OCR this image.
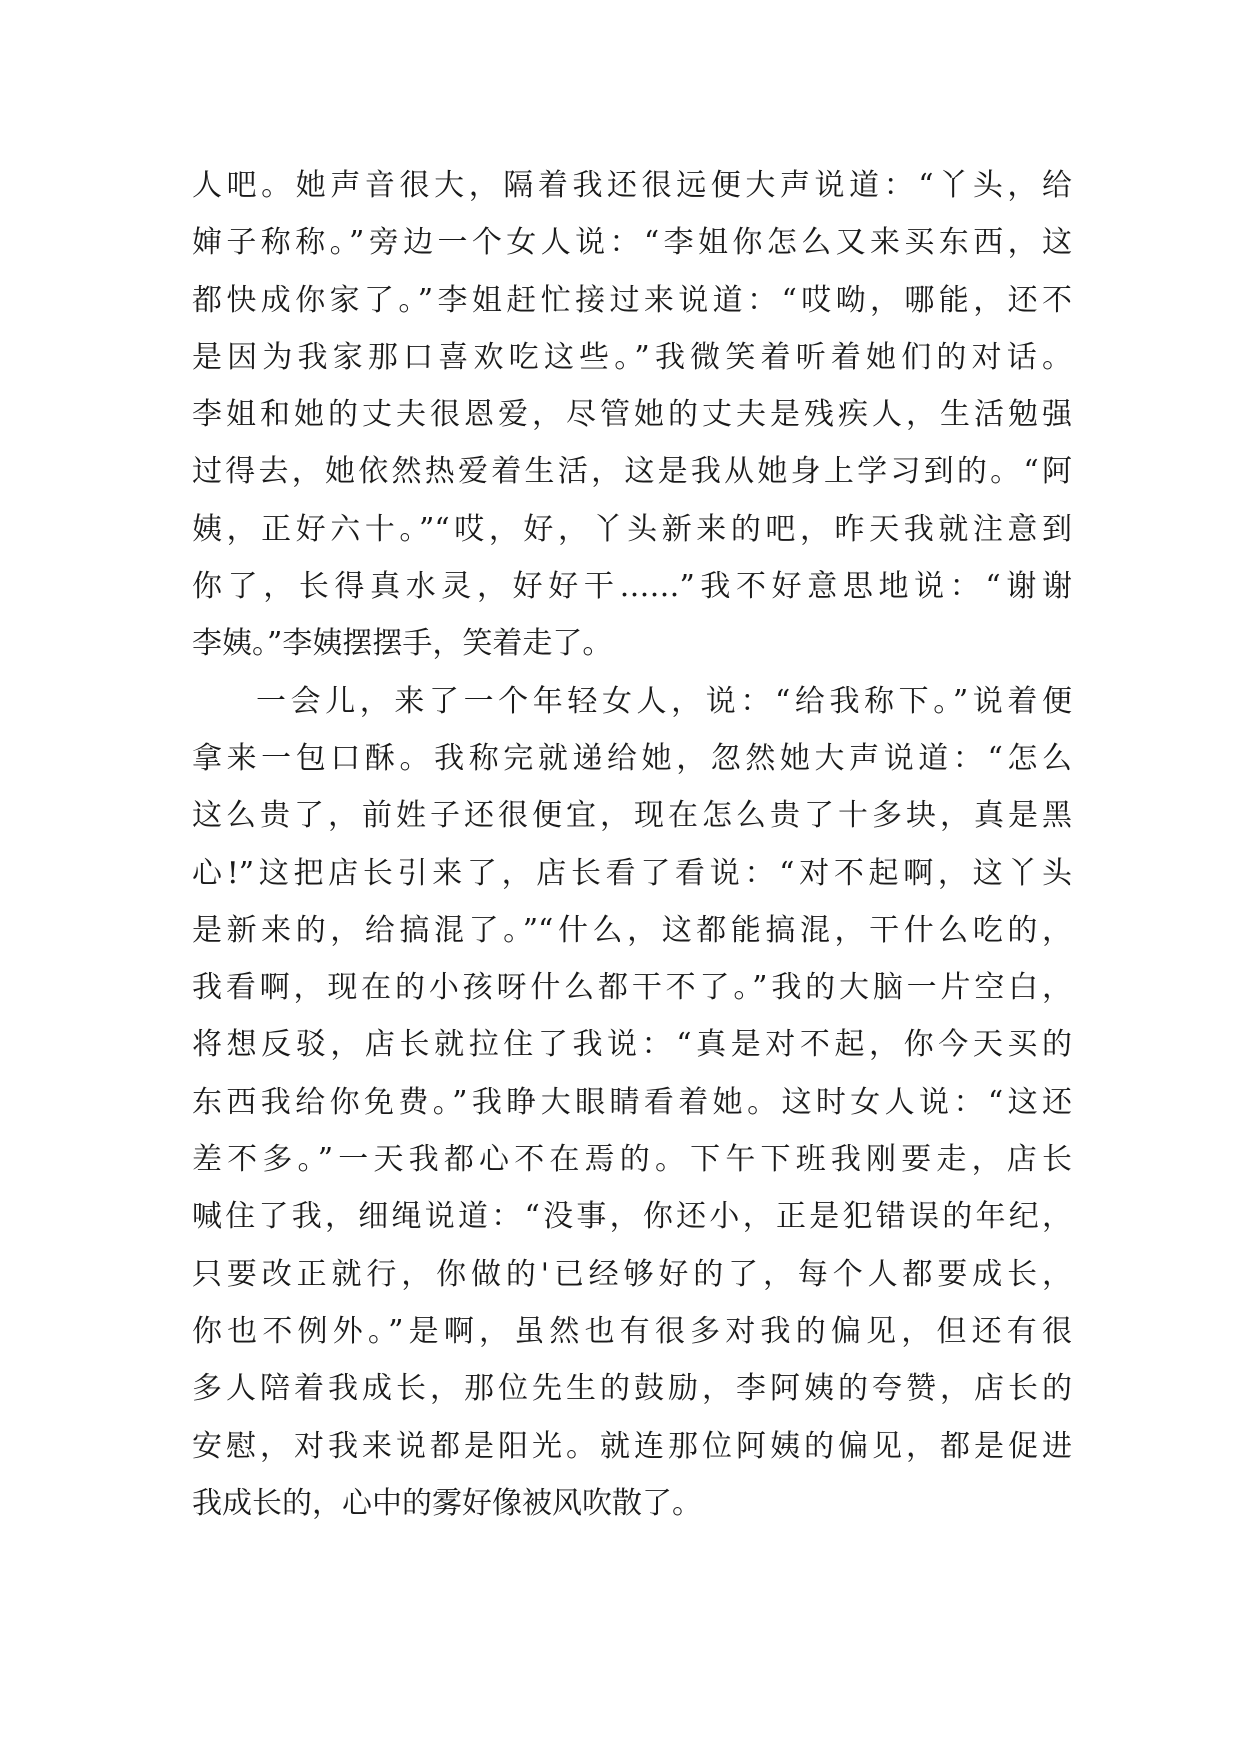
人吧。她声音很大，隔着我还很远便大声说道：“丫头，给
婶子称称。”旁边一个女人说：“李姐你怎么又来买东西，这
都快成你家了。”李姐赶忙接过来说道：“哎呦，哪能，还不
是因为我家那口喜欢吃这些。”我微笑着听着她们的对话。
李姐和她的丈夫很恩爱，尽管她的丈夫是残疾人，生活勉强
过得去，她依然热爱着生活，这是我从她身上学习到的。“阿
姨，正好六十。”“哎，好，丫头新来的吧，昨天我就注意到
你了，长得真水灵，好好干……”我不好意思地说：“谢谢
李姨。”李姨摆摆手，笑着走了。
一会儿，来了一个年轻女人，说：“给我称下。”说着便
拿来一包口酥。我称完就递给她，忽然她大声说道：“怎么
这么贵了，前姓子还很便宜，现在怎么贵了十多块，真是黑
心!”这把店长引来了，店长看了看说：“对不起啊，这丫头
是新来的，给搞混了。”“什么，这都能搞混，干什么吃的，
我看啊，现在的小孩呀什么都干不了。”我的大脑一片空白，
将想反驳，店长就拉住了我说：“真是对不起，你今天买的
东西我给你免费。”我睁大眼睛看着她。这时女人说：“这还
差不多。”一天我都心不在焉的。下午下班我刚要走，店长
喊住了我，细绳说道：“没事，你还小，正是犯错误的年纪，
只要改正就行，你做的'已经够好的了，每个人都要成长，
你也不例外。”是啊，虽然也有很多对我的偏见，但还有很
多人陪着我成长，那位先生的鼓励，李阿姨的夸赞，店长的
安慰，对我来说都是阳光。就连那位阿姨的偏见，都是促进
我成长的，心中的雾好像被风吹散了。
